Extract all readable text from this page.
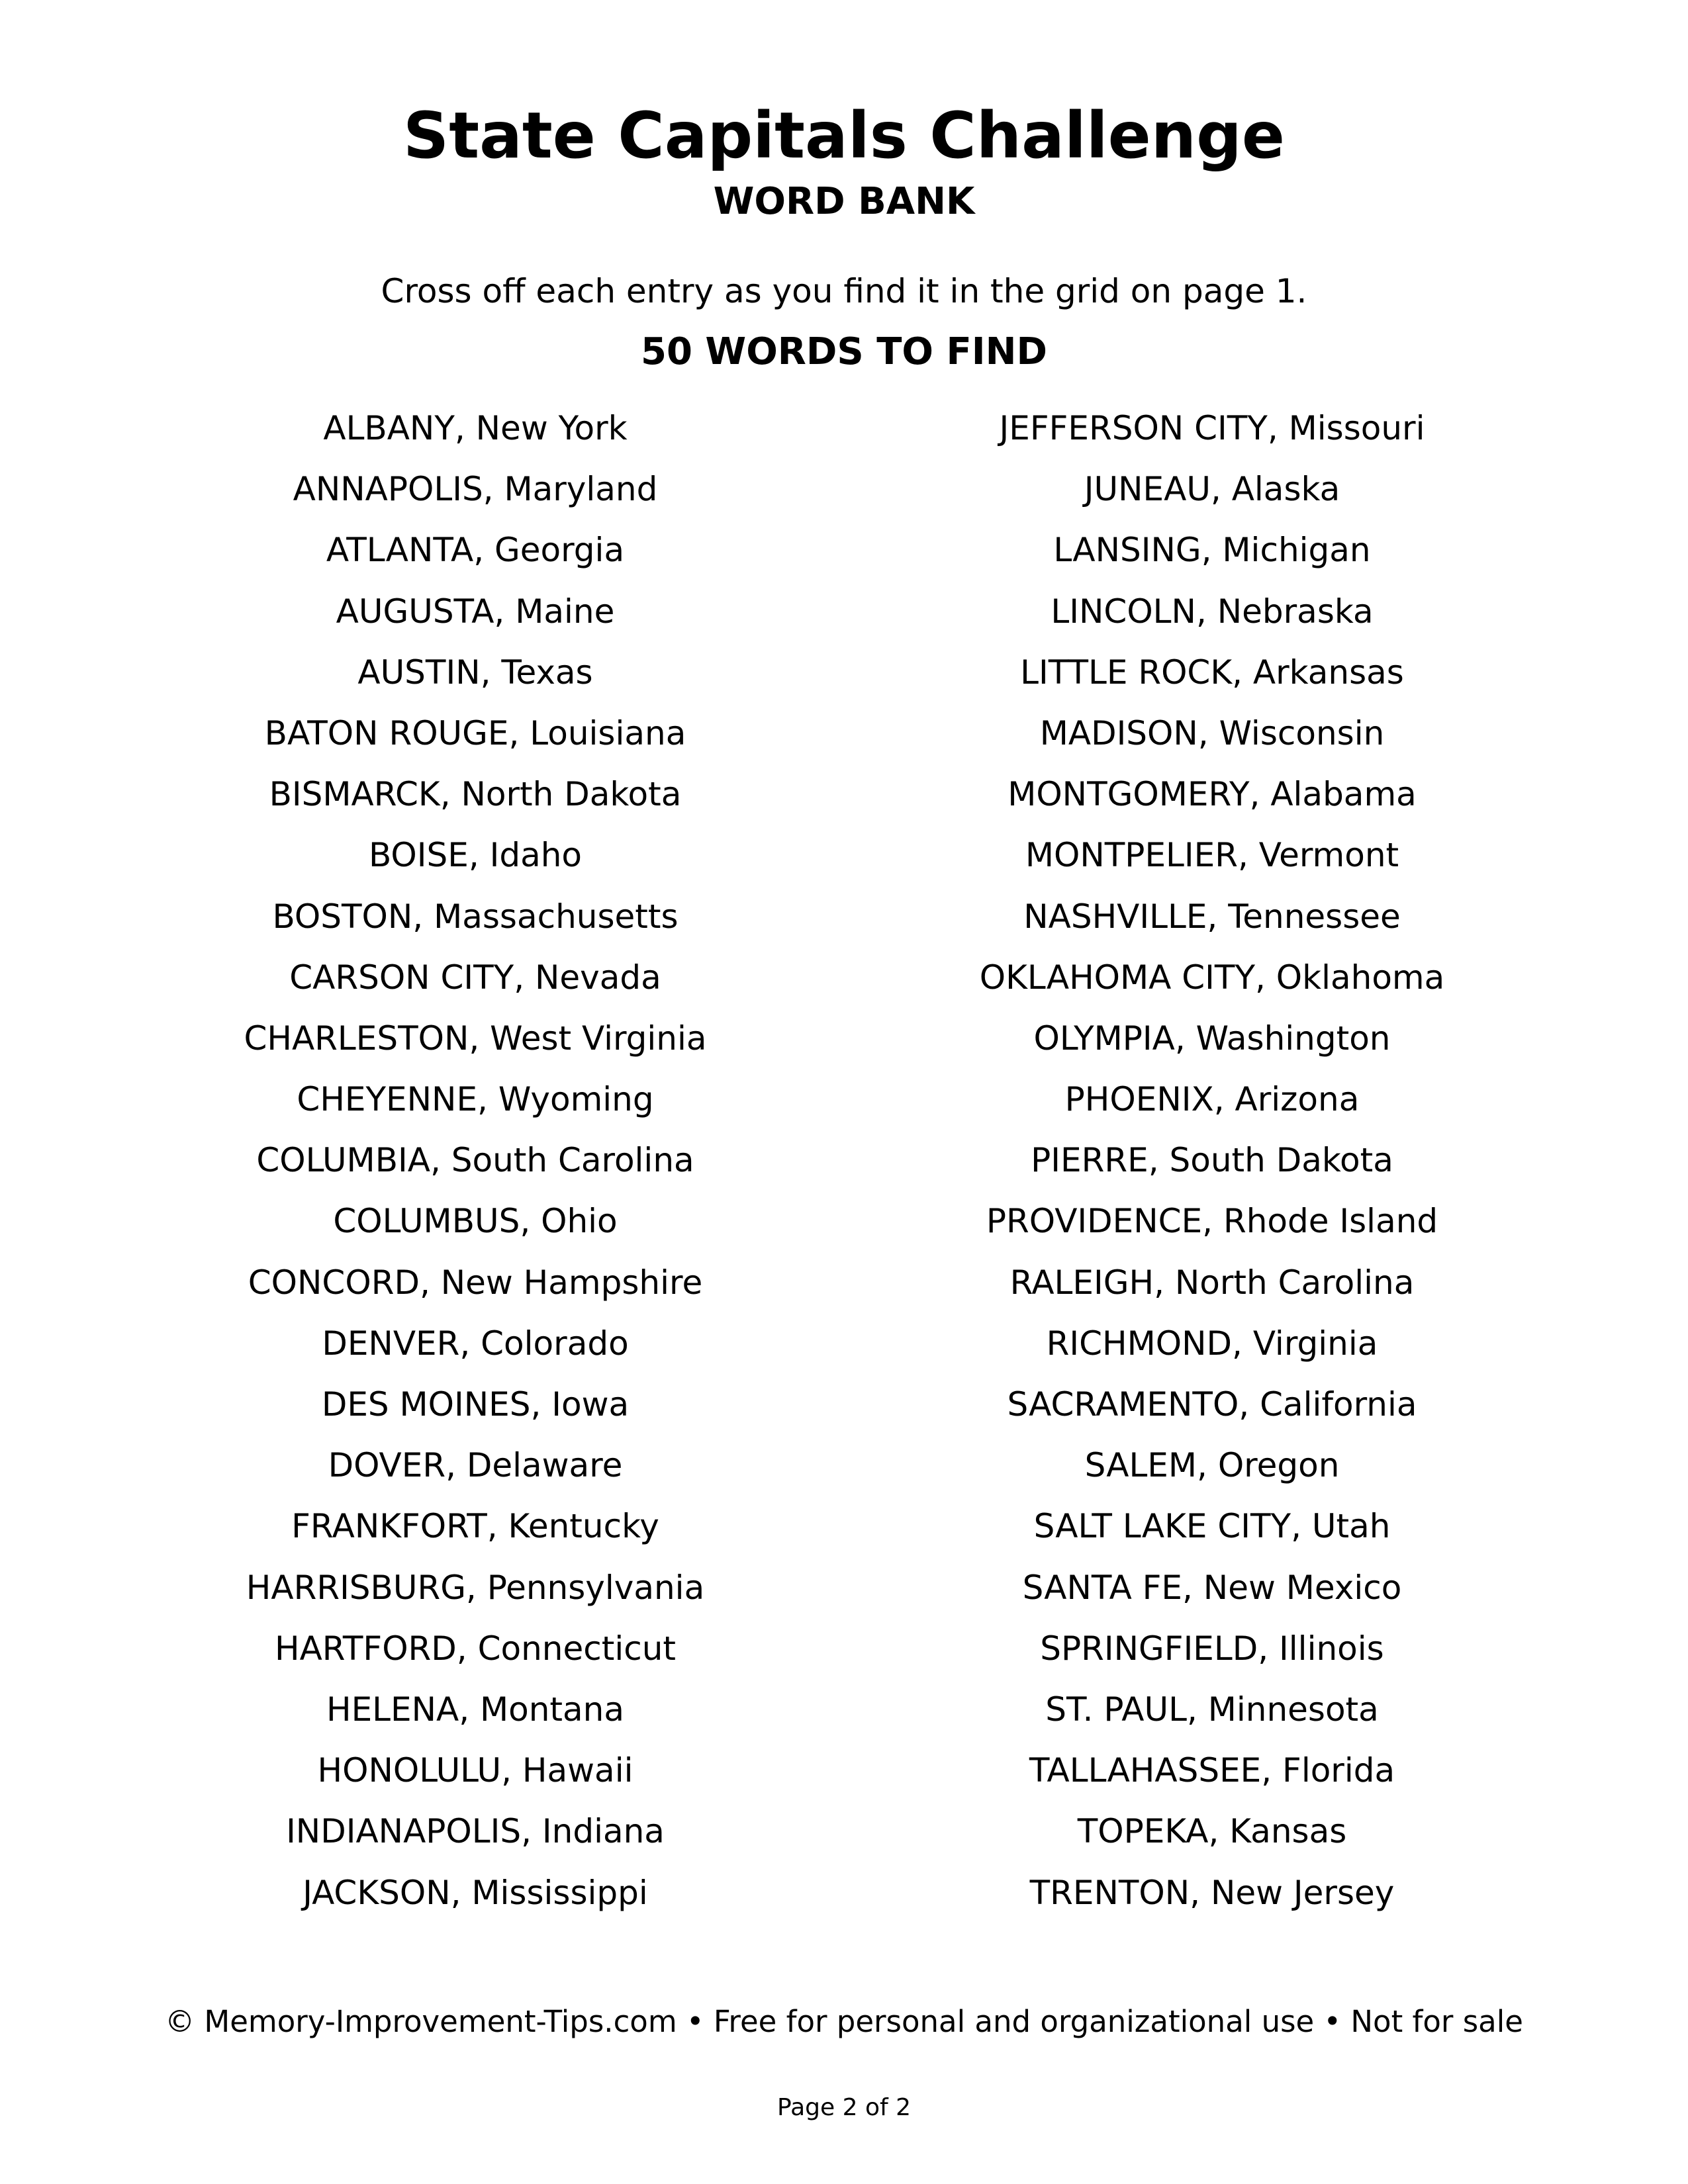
State Capitals Challenge
WORD BANK

Cross off each entry as you find it in the grid on page 1.

50 WORDS TO FIND
ALBANY, New York
ANNAPOLIS, Maryland
ATLANTA, Georgia
AUGUSTA, Maine
AUSTIN, Texas
BATON ROUGE, Louisiana
BISMARCK, North Dakota
BOISE, Idaho
BOSTON, Massachusetts
CARSON CITY, Nevada
CHARLESTON, West Virginia
CHEYENNE, Wyoming
COLUMBIA, South Carolina
COLUMBUS, Ohio
CONCORD, New Hampshire
DENVER, Colorado
DES MOINES, Iowa
DOVER, Delaware
FRANKFORT, Kentucky
HARRISBURG, Pennsylvania
HARTFORD, Connecticut
HELENA, Montana
HONOLULU, Hawaii
INDIANAPOLIS, Indiana
JACKSON, Mississippi
JEFFERSON CITY, Missouri
JUNEAU, Alaska
LANSING, Michigan
LINCOLN, Nebraska
LITTLE ROCK, Arkansas
MADISON, Wisconsin
MONTGOMERY, Alabama
MONTPELIER, Vermont
NASHVILLE, Tennessee
OKLAHOMA CITY, Oklahoma
OLYMPIA, Washington
PHOENIX, Arizona
PIERRE, South Dakota
PROVIDENCE, Rhode Island
RALEIGH, North Carolina
RICHMOND, Virginia
SACRAMENTO, California
SALEM, Oregon
SALT LAKE CITY, Utah
SANTA FE, New Mexico
SPRINGFIELD, Illinois
ST. PAUL, Minnesota
TALLAHASSEE, Florida
TOPEKA, Kansas
TRENTON, New Jersey

© Memory-Improvement-Tips.com • Free for personal and organizational use • Not for sale

Page 2 of 2
